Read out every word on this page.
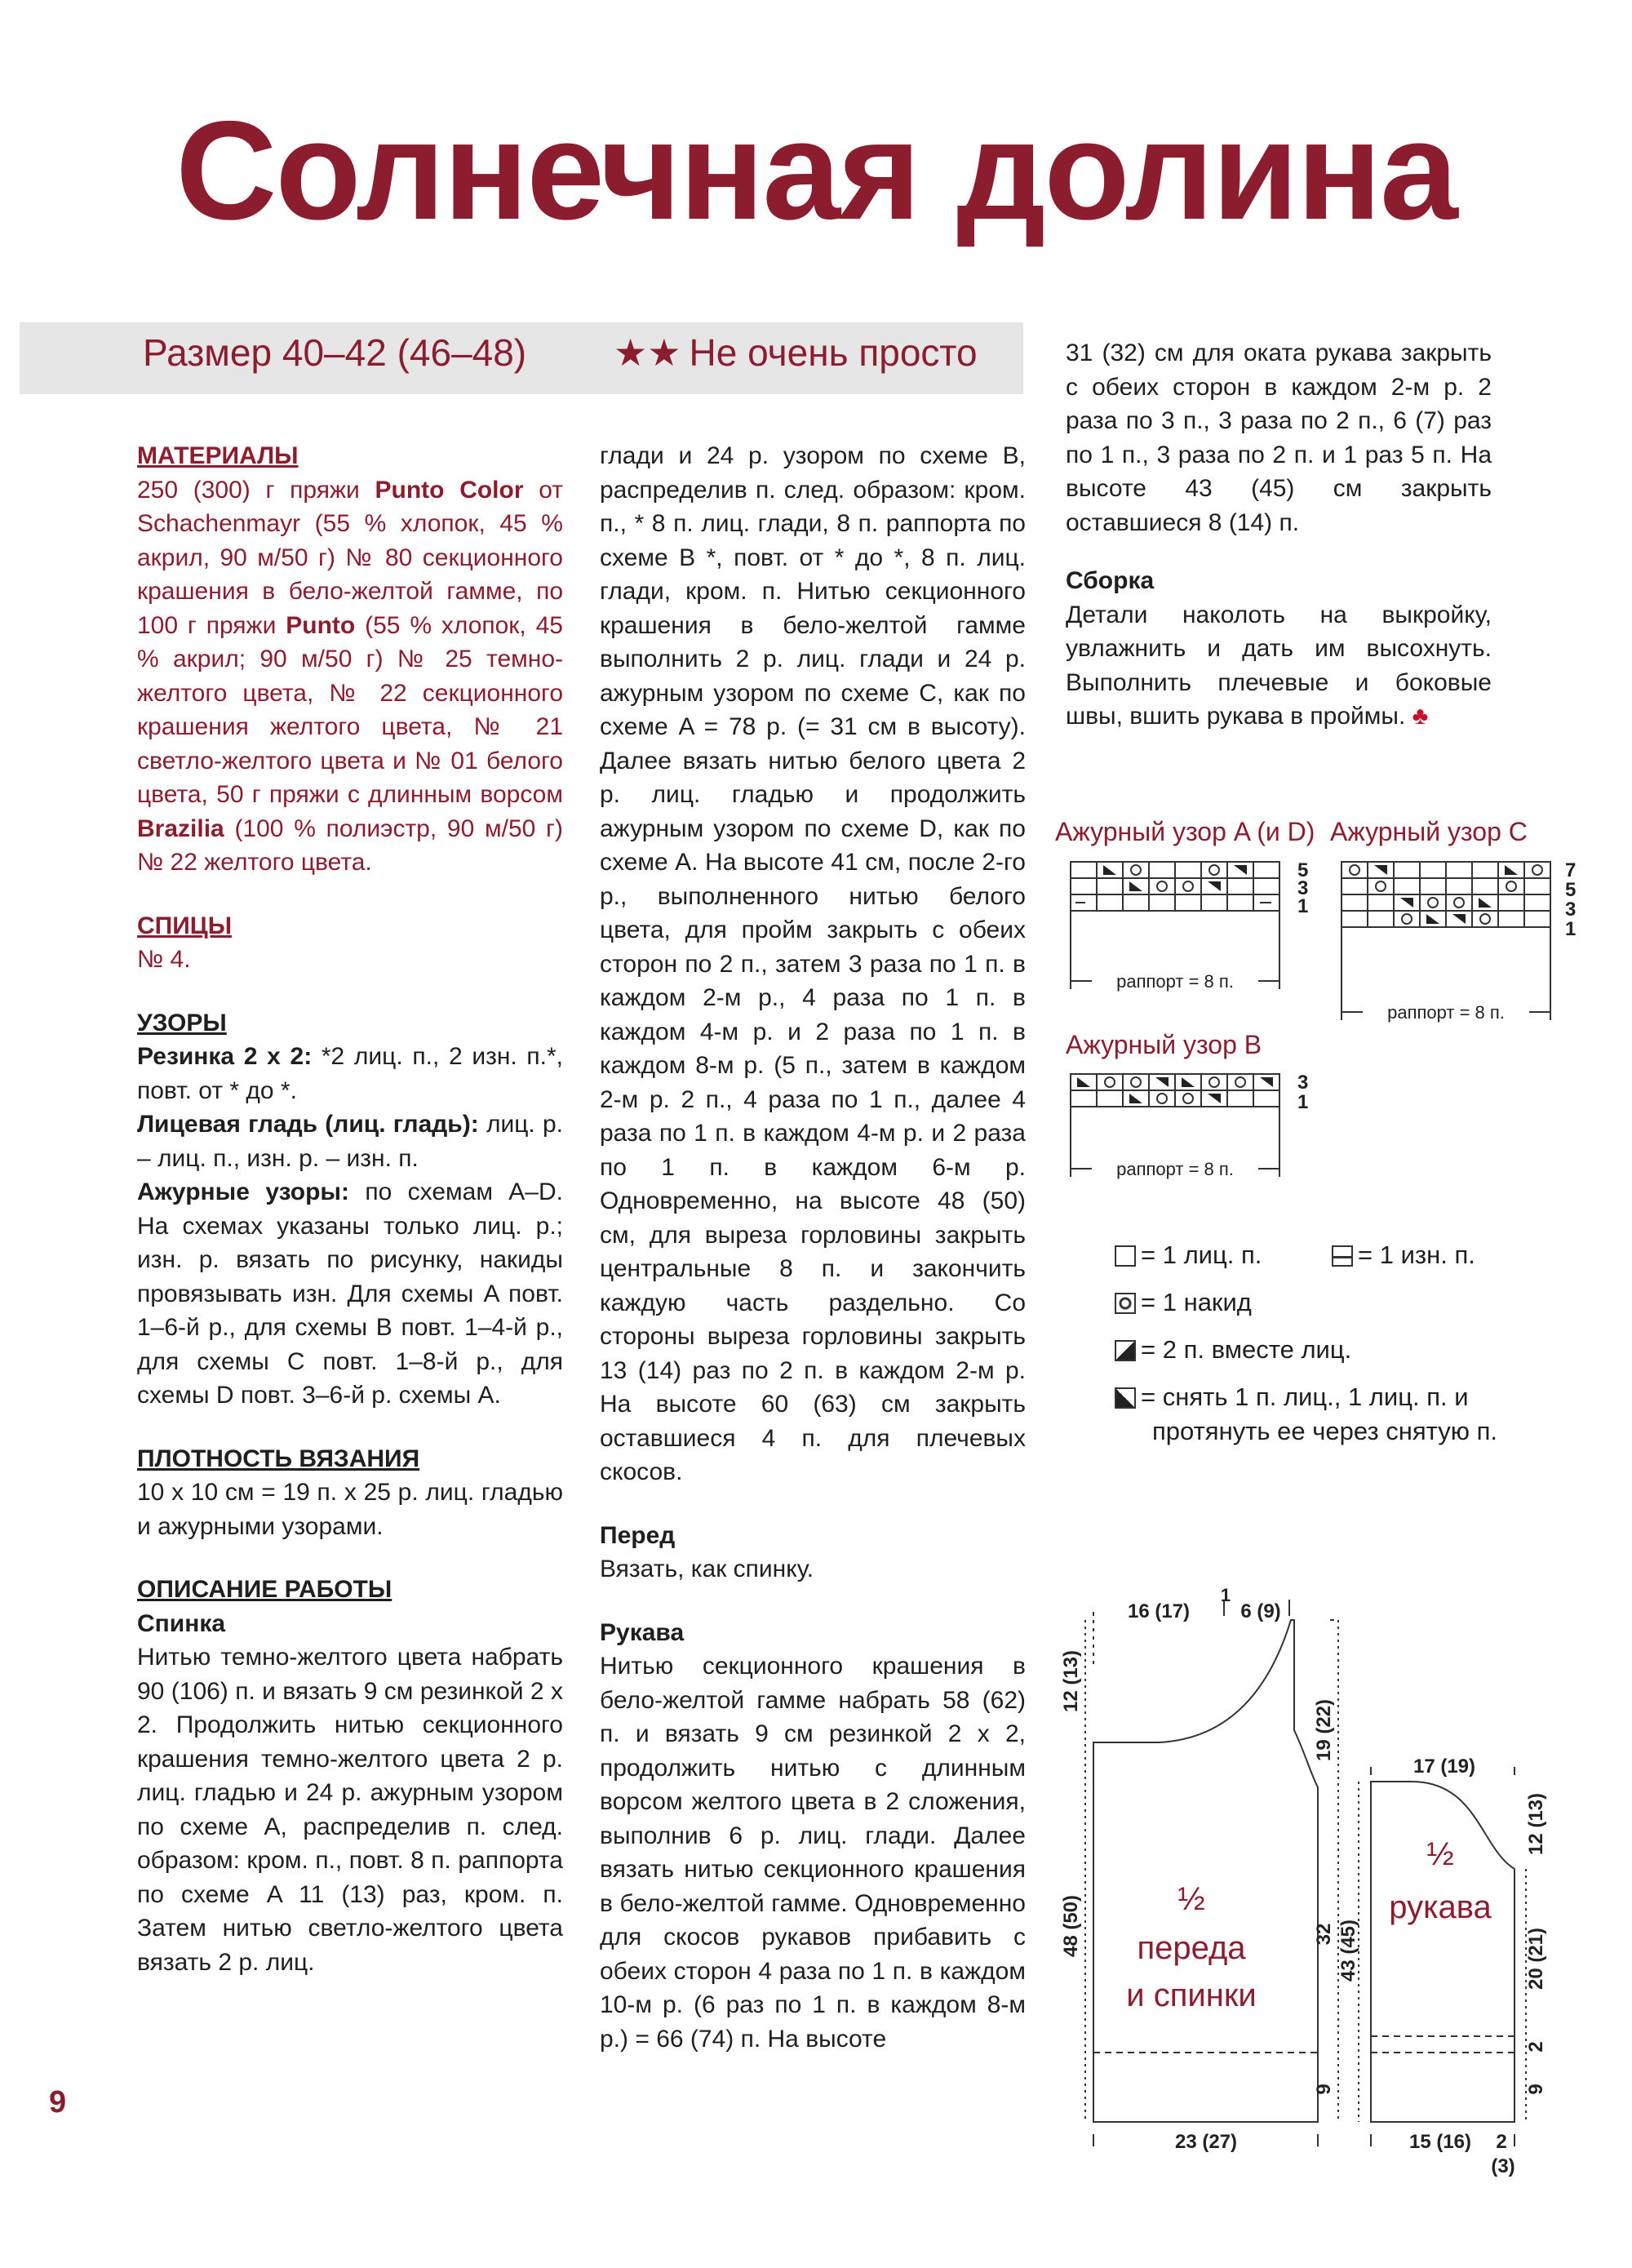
Солнечная долина
Размер 40–42 (46–48) ★★ Не очень просто
МАТЕРИАЛЫ

250 (300) г пряжи Punto Color от Schachenmayr (55 % хлопок, 45 % акрил, 90 м/50 г) № 80 секционного крашения в бело-желтой гамме, по 100 г пряжи Punto (55 % хлопок, 45 % акрил; 90 м/50 г) № 25 темно-желтого цвета, № 22 секционного крашения желтого цвета, № 21 светло-желтого цвета и № 01 белого цвета, 50 г пряжи с длинным ворсом Brazilia (100 % полиэстр, 90 м/50 г) № 22 желтого цвета.

СПИЦЫ

№ 4.

УЗОРЫ

Резинка 2 х 2: *2 лиц. п., 2 изн. п.*, повт. от * до *.

Лицевая гладь (лиц. гладь): лиц. р. – лиц. п., изн. р. – изн. п.

Ажурные узоры: по схемам A–D. На схемах указаны только лиц. р.; изн. р. вязать по рисунку, накиды провязывать изн. Для схемы A повт. 1–6-й р., для схемы B повт. 1–4-й р., для схемы C повт. 1–8-й р., для схемы D повт. 3–6-й р. схемы A.

ПЛОТНОСТЬ ВЯЗАНИЯ

10 х 10 см = 19 п. х 25 р. лиц. гладью и ажурными узорами.

ОПИСАНИЕ РАБОТЫ
Спинка

Нитью темно-желтого цвета набрать 90 (106) п. и вязать 9 см резинкой 2 х 2. Продолжить нитью секционного крашения темно-желтого цвета 2 р. лиц. гладью и 24 р. ажурным узором по схеме A, распределив п. след. образом: кром. п., повт. 8 п. раппорта по схеме A 11 (13) раз, кром. п. Затем нитью светло-желтого цвета вязать 2 р. лиц.

глади и 24 р. узором по схеме B, распределив п. след. образом: кром. п., * 8 п. лиц. глади, 8 п. раппорта по схеме B *, повт. от * до *, 8 п. лиц. глади, кром. п. Нитью секционного крашения в бело-желтой гамме выполнить 2 р. лиц. глади и 24 р. ажурным узором по схеме C, как по схеме A = 78 р. (= 31 см в высоту). Далее вязать нитью белого цвета 2 р. лиц. гладью и продолжить ажурным узором по схеме D, как по схеме A. На высоте 41 см, после 2-го р., выполненного нитью белого цвета, для пройм закрыть с обеих сторон по 2 п., затем 3 раза по 1 п. в каждом 2-м р., 4 раза по 1 п. в каждом 4-м р. и 2 раза по 1 п. в каждом 8-м р. (5 п., затем в каждом 2-м р. 2 п., 4 раза по 1 п., далее 4 раза по 1 п. в каждом 4-м р. и 2 раза по 1 п. в каждом 6-м р. Одновременно, на высоте 48 (50) см, для выреза горловины закрыть центральные 8 п. и закончить каждую часть раздельно. Со стороны выреза горловины закрыть 13 (14) раз по 2 п. в каждом 2-м р. На высоте 60 (63) см закрыть оставшиеся 4 п. для плечевых скосов.

Перед

Вязать, как спинку.

Рукава

Нитью секционного крашения в бело-желтой гамме набрать 58 (62) п. и вязать 9 см резинкой 2 х 2, продолжить нитью с длинным ворсом желтого цвета в 2 сложения, выполнив 6 р. лиц. глади. Далее вязать нитью секционного крашения в бело-желтой гамме. Одновременно для скосов рукавов прибавить с обеих сторон 4 раза по 1 п. в каждом 10-м р. (6 раз по 1 п. в каждом 8-м р.) = 66 (74) п. На высоте

31 (32) см для оката рукава закрыть с обеих сторон в каждом 2-м р. 2 раза по 3 п., 3 раза по 2 п., 6 (7) раз по 1 п., 3 раза по 2 п. и 1 раз 5 п. На высоте 43 (45) см закрыть оставшиеся 8 (14) п.

Сборка

Детали наколоть на выкройку, увлажнить и дать им высохнуть. Выполнить плечевые и боковые швы, вшить рукава в проймы. ♣

Ажурный узор A (и D) Ажурный узор C
Ажурный узор B
раппорт = 8 п.
5
3
1
раппорт = 8 п.
7
5
3
1
раппорт = 8 п.
3
1
= 1 лиц. п.	= 1 изн. п.
= 1 накид
= 2 п. вместе лиц.
= снять 1 п. лиц., 1 лиц. п. и
протянуть ее через снятую п.
½
переда
и спинки
½
рукава
1
16 (17)	6 (9)
12 (13)
19 (22)
48 (50)	32
9
23 (27)
17 (19)
12 (13)
43 (45)	20 (21)
2
9
15 (16) 2
(3)
9
